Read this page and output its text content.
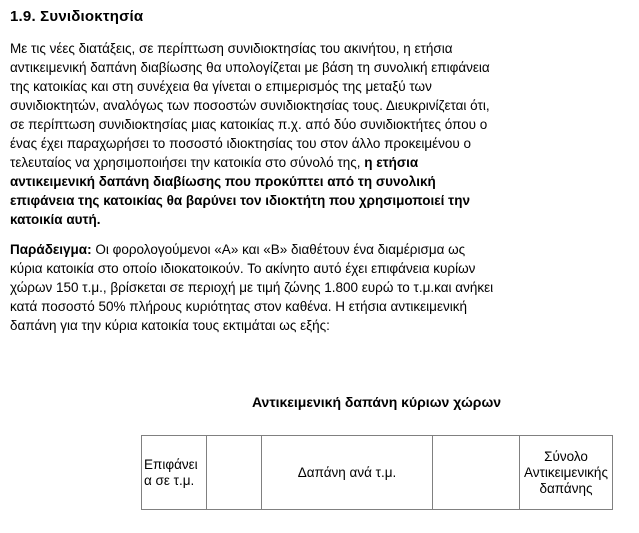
1.9. Συνιδιοκτησία
Με τις νέες διατάξεις, σε περίπτωση συνιδιοκτησίας του ακινήτου, η ετήσια
αντικειμενική δαπάνη διαβίωσης θα υπολογίζεται με βάση τη συνολική επιφάνεια
της κατοικίας και στη συνέχεια θα γίνεται ο επιμερισμός της μεταξύ των
συνιδιοκτητών, αναλόγως των ποσοστών συνιδιοκτησίας τους. Διευκρινίζεται ότι,
σε περίπτωση συνιδιοκτησίας μιας κατοικίας π.χ. από δύο συνιδιοκτήτες όπου ο
ένας έχει παραχωρήσει το ποσοστό ιδιοκτησίας του στον άλλο προκειμένου ο
τελευταίος να χρησιμοποιήσει την κατοικία στο σύνολό της, η ετήσια
αντικειμενική δαπάνη διαβίωσης που προκύπτει από τη συνολική
επιφάνεια της κατοικίας θα βαρύνει τον ιδιοκτήτη που χρησιμοποιεί την
κατοικία αυτή.
Παράδειγμα: Οι φορολογούμενοι «Α» και «Β» διαθέτουν ένα διαμέρισμα ως
κύρια κατοικία στο οποίο ιδιοκατοικούν. Το ακίνητο αυτό έχει επιφάνεια κυρίων
χώρων 150 τ.μ., βρίσκεται σε περιοχή με τιμή ζώνης 1.800 ευρώ το τ.μ.και ανήκει
κατά ποσοστό 50% πλήρους κυριότητας στον καθένα. Η ετήσια αντικειμενική
δαπάνη για την κύρια κατοικία τους εκτιμάται ως εξής:
Αντικειμενική δαπάνη κύριων χώρων
Επιφάνεια σε τ.μ.		Δαπάνη ανά τ.μ.		Σύνολο Αντικειμενικής δαπάνης
